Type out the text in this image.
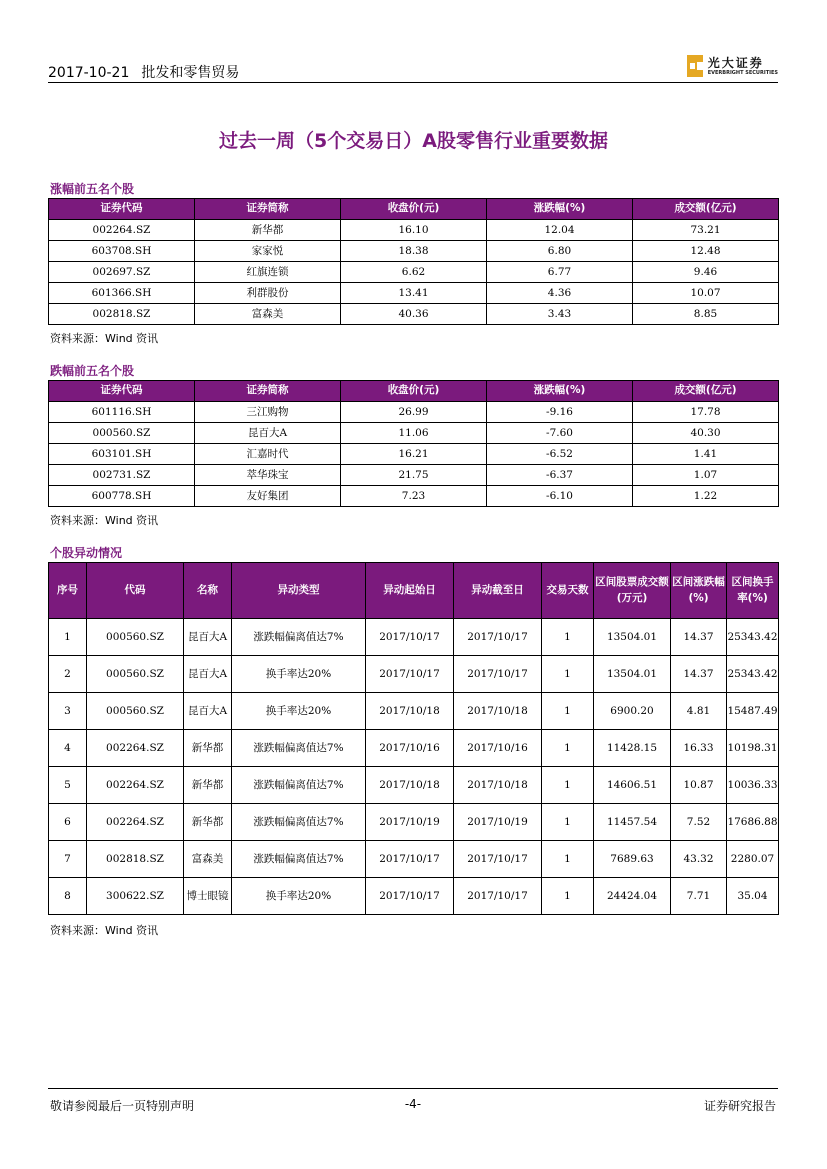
2017-10-21 批发和零售贸易
光大证券
EVERBRIGHT SECURITIES
过去一周（5个交易日）A股零售行业重要数据
涨幅前五名个股
证券代码	证券简称	收盘价(元)	涨跌幅(%)	成交额(亿元)
002264.SZ	新华都	16.10	12.04	73.21
603708.SH	家家悦	18.38	6.80	12.48
002697.SZ	红旗连锁	6.62	6.77	9.46
601366.SH	利群股份	13.41	4.36	10.07
002818.SZ	富森美	40.36	3.43	8.85
资料来源：Wind 资讯
跌幅前五名个股
证券代码	证券简称	收盘价(元)	涨跌幅(%)	成交额(亿元)
601116.SH	三江购物	26.99	-9.16	17.78
000560.SZ	昆百大A	11.06	-7.60	40.30
603101.SH	汇嘉时代	16.21	-6.52	1.41
002731.SZ	萃华珠宝	21.75	-6.37	1.07
600778.SH	友好集团	7.23	-6.10	1.22
资料来源：Wind 资讯
个股异动情况
序号	代码	名称	异动类型	异动起始日	异动截至日	交易天数	区间股票成交额(万元)	区间涨跌幅(%)	区间换手率(%)
1	000560.SZ	昆百大A	涨跌幅偏离值达7%	2017/10/17	2017/10/17	1	13504.01	14.37	25343.42
2	000560.SZ	昆百大A	换手率达20%	2017/10/17	2017/10/17	1	13504.01	14.37	25343.42
3	000560.SZ	昆百大A	换手率达20%	2017/10/18	2017/10/18	1	6900.20	4.81	15487.49
4	002264.SZ	新华都	涨跌幅偏离值达7%	2017/10/16	2017/10/16	1	11428.15	16.33	10198.31
5	002264.SZ	新华都	涨跌幅偏离值达7%	2017/10/18	2017/10/18	1	14606.51	10.87	10036.33
6	002264.SZ	新华都	涨跌幅偏离值达7%	2017/10/19	2017/10/19	1	11457.54	7.52	17686.88
7	002818.SZ	富森美	涨跌幅偏离值达7%	2017/10/17	2017/10/17	1	7689.63	43.32	2280.07
8	300622.SZ	博士眼镜	换手率达20%	2017/10/17	2017/10/17	1	24424.04	7.71	35.04
资料来源：Wind 资讯
敬请参阅最后一页特别声明	-4-	证券研究报告
